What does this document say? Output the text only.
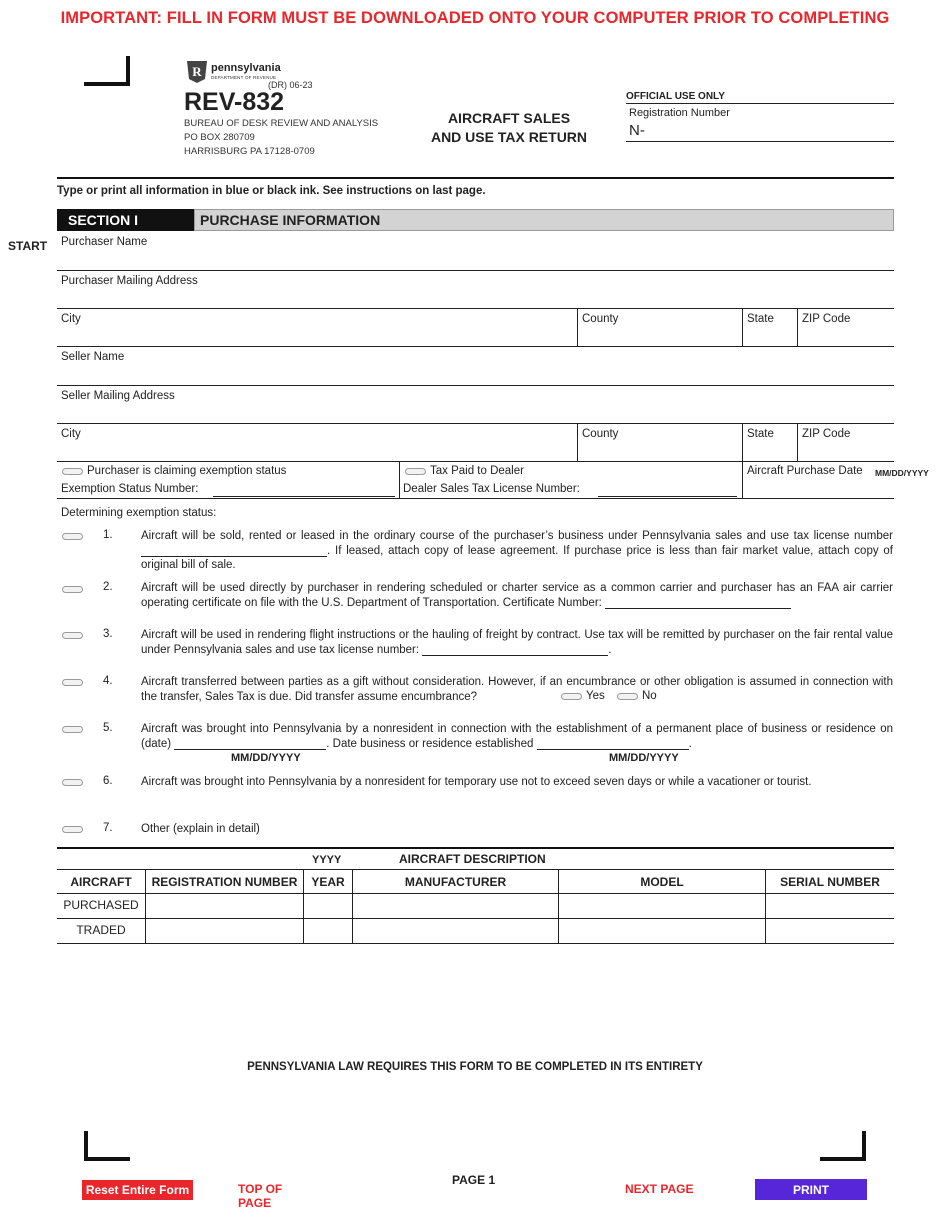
IMPORTANT: FILL IN FORM MUST BE DOWNLOADED ONTO YOUR COMPUTER PRIOR TO COMPLETING
R pennsylvania
DEPARTMENT OF REVENUE
(DR) 06-23
REV-832
BUREAU OF DESK REVIEW AND ANALYSIS
PO BOX 280709
HARRISBURG PA 17128-0709
AIRCRAFT SALES
AND USE TAX RETURN
OFFICIAL USE ONLY
Registration Number
N-
Type or print all information in blue or black ink. See instructions on last page.
SECTION I	PURCHASE INFORMATION
START Purchaser Name
Purchaser Mailing Address
City	County	State ZIP Code
Seller Name
Seller Mailing Address
City	County	State ZIP Code
Purchaser is claiming exemption status
Exemption Status Number:
Tax Paid to Dealer
Dealer Sales Tax License Number:
Aircraft Purchase Date MM/DD/YYYY
Determining exemption status:
1. Aircraft will be sold, rented or leased in the ordinary course of the purchaser’s business under Pennsylvania sales and use tax license number . If leased, attach copy of lease agreement. If purchase price is less than fair market value, attach copy of original bill of sale.
2. Aircraft will be used directly by purchaser in rendering scheduled or charter service as a common carrier and purchaser has an FAA air carrier operating certificate on file with the U.S. Department of Transportation. Certificate Number:
3. Aircraft will be used in rendering flight instructions or the hauling of freight by contract. Use tax will be remitted by purchaser on the fair rental value under Pennsylvania sales and use tax license number:	.
4. Aircraft transferred between parties as a gift without consideration. However, if an encumbrance or other obligation is assumed in connection with the transfer, Sales Tax is due. Did transfer assume encumbrance?	Yes	No
5. Aircraft was brought into Pennsylvania by a nonresident in connection with the establishment of a permanent place of business or residence on (date)	. Date business or residence established	.
MM/DD/YYYY	MM/DD/YYYY
6. Aircraft was brought into Pennsylvania by a nonresident for temporary use not to exceed seven days or while a vacationer or tourist.
7. Other (explain in detail)
YYYY	AIRCRAFT DESCRIPTION
AIRCRAFT	REGISTRATION NUMBER	YEAR	MANUFACTURER	MODEL	SERIAL NUMBER
PURCHASED
TRADED
PENNSYLVANIA LAW REQUIRES THIS FORM TO BE COMPLETED IN ITS ENTIRETY
PAGE 1
Reset Entire Form	TOP OF PAGE
NEXT PAGE	PRINT
